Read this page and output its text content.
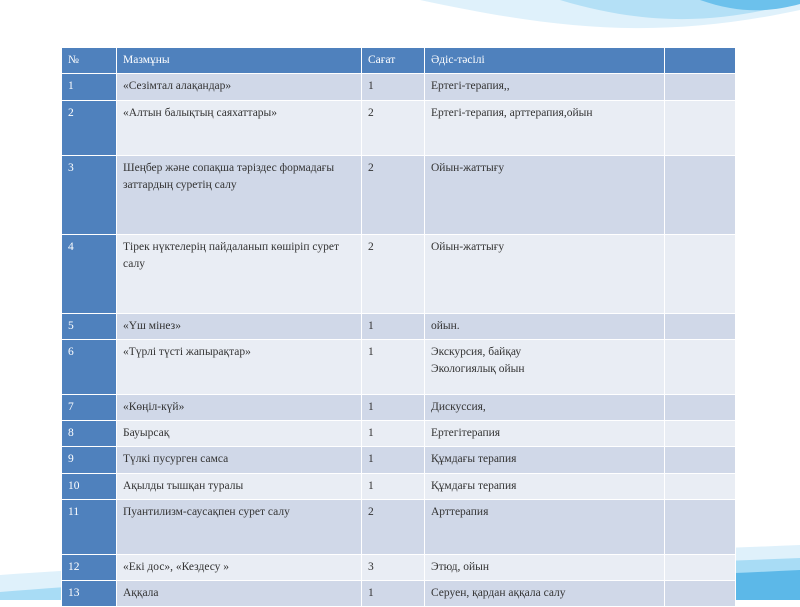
№	Мазмұны	Сағат	Әдіс-тәсілі	
1	«Сезімтал алақандар»	1	Ертегі-терапия,,	
2	«Алтын балықтың саяхаттары»	2	Ертегі-терапия, арттерапия,ойын	
3	Шеңбер және сопақша тәріздес формадағы заттардың суретің салу	2	Ойын-жаттығу	
4	Тірек нүктелерің пайдаланып көшіріп сурет салу	2	Ойын-жаттығу	
5	«Үш мінез»	1	ойын.	
6	«Түрлі түсті жапырақтар»	1	Экскурсия, байқау
Экологиялық ойын	
7	«Көңіл-күй»	1	Дискуссия,	
8	Бауырсақ	1	Ертегітерапия	
9	Түлкі пусурген самса	1	Құмдағы терапия	
10	Ақылды тышқан туралы	1	Құмдағы терапия	
11	Пуантилизм-саусақпен сурет салу	2	Арттерапия	
12	«Екі дос», «Кездесу »	3	Этюд, ойын	
13	Аққала	1	Серуен, қардан аққала салу	
